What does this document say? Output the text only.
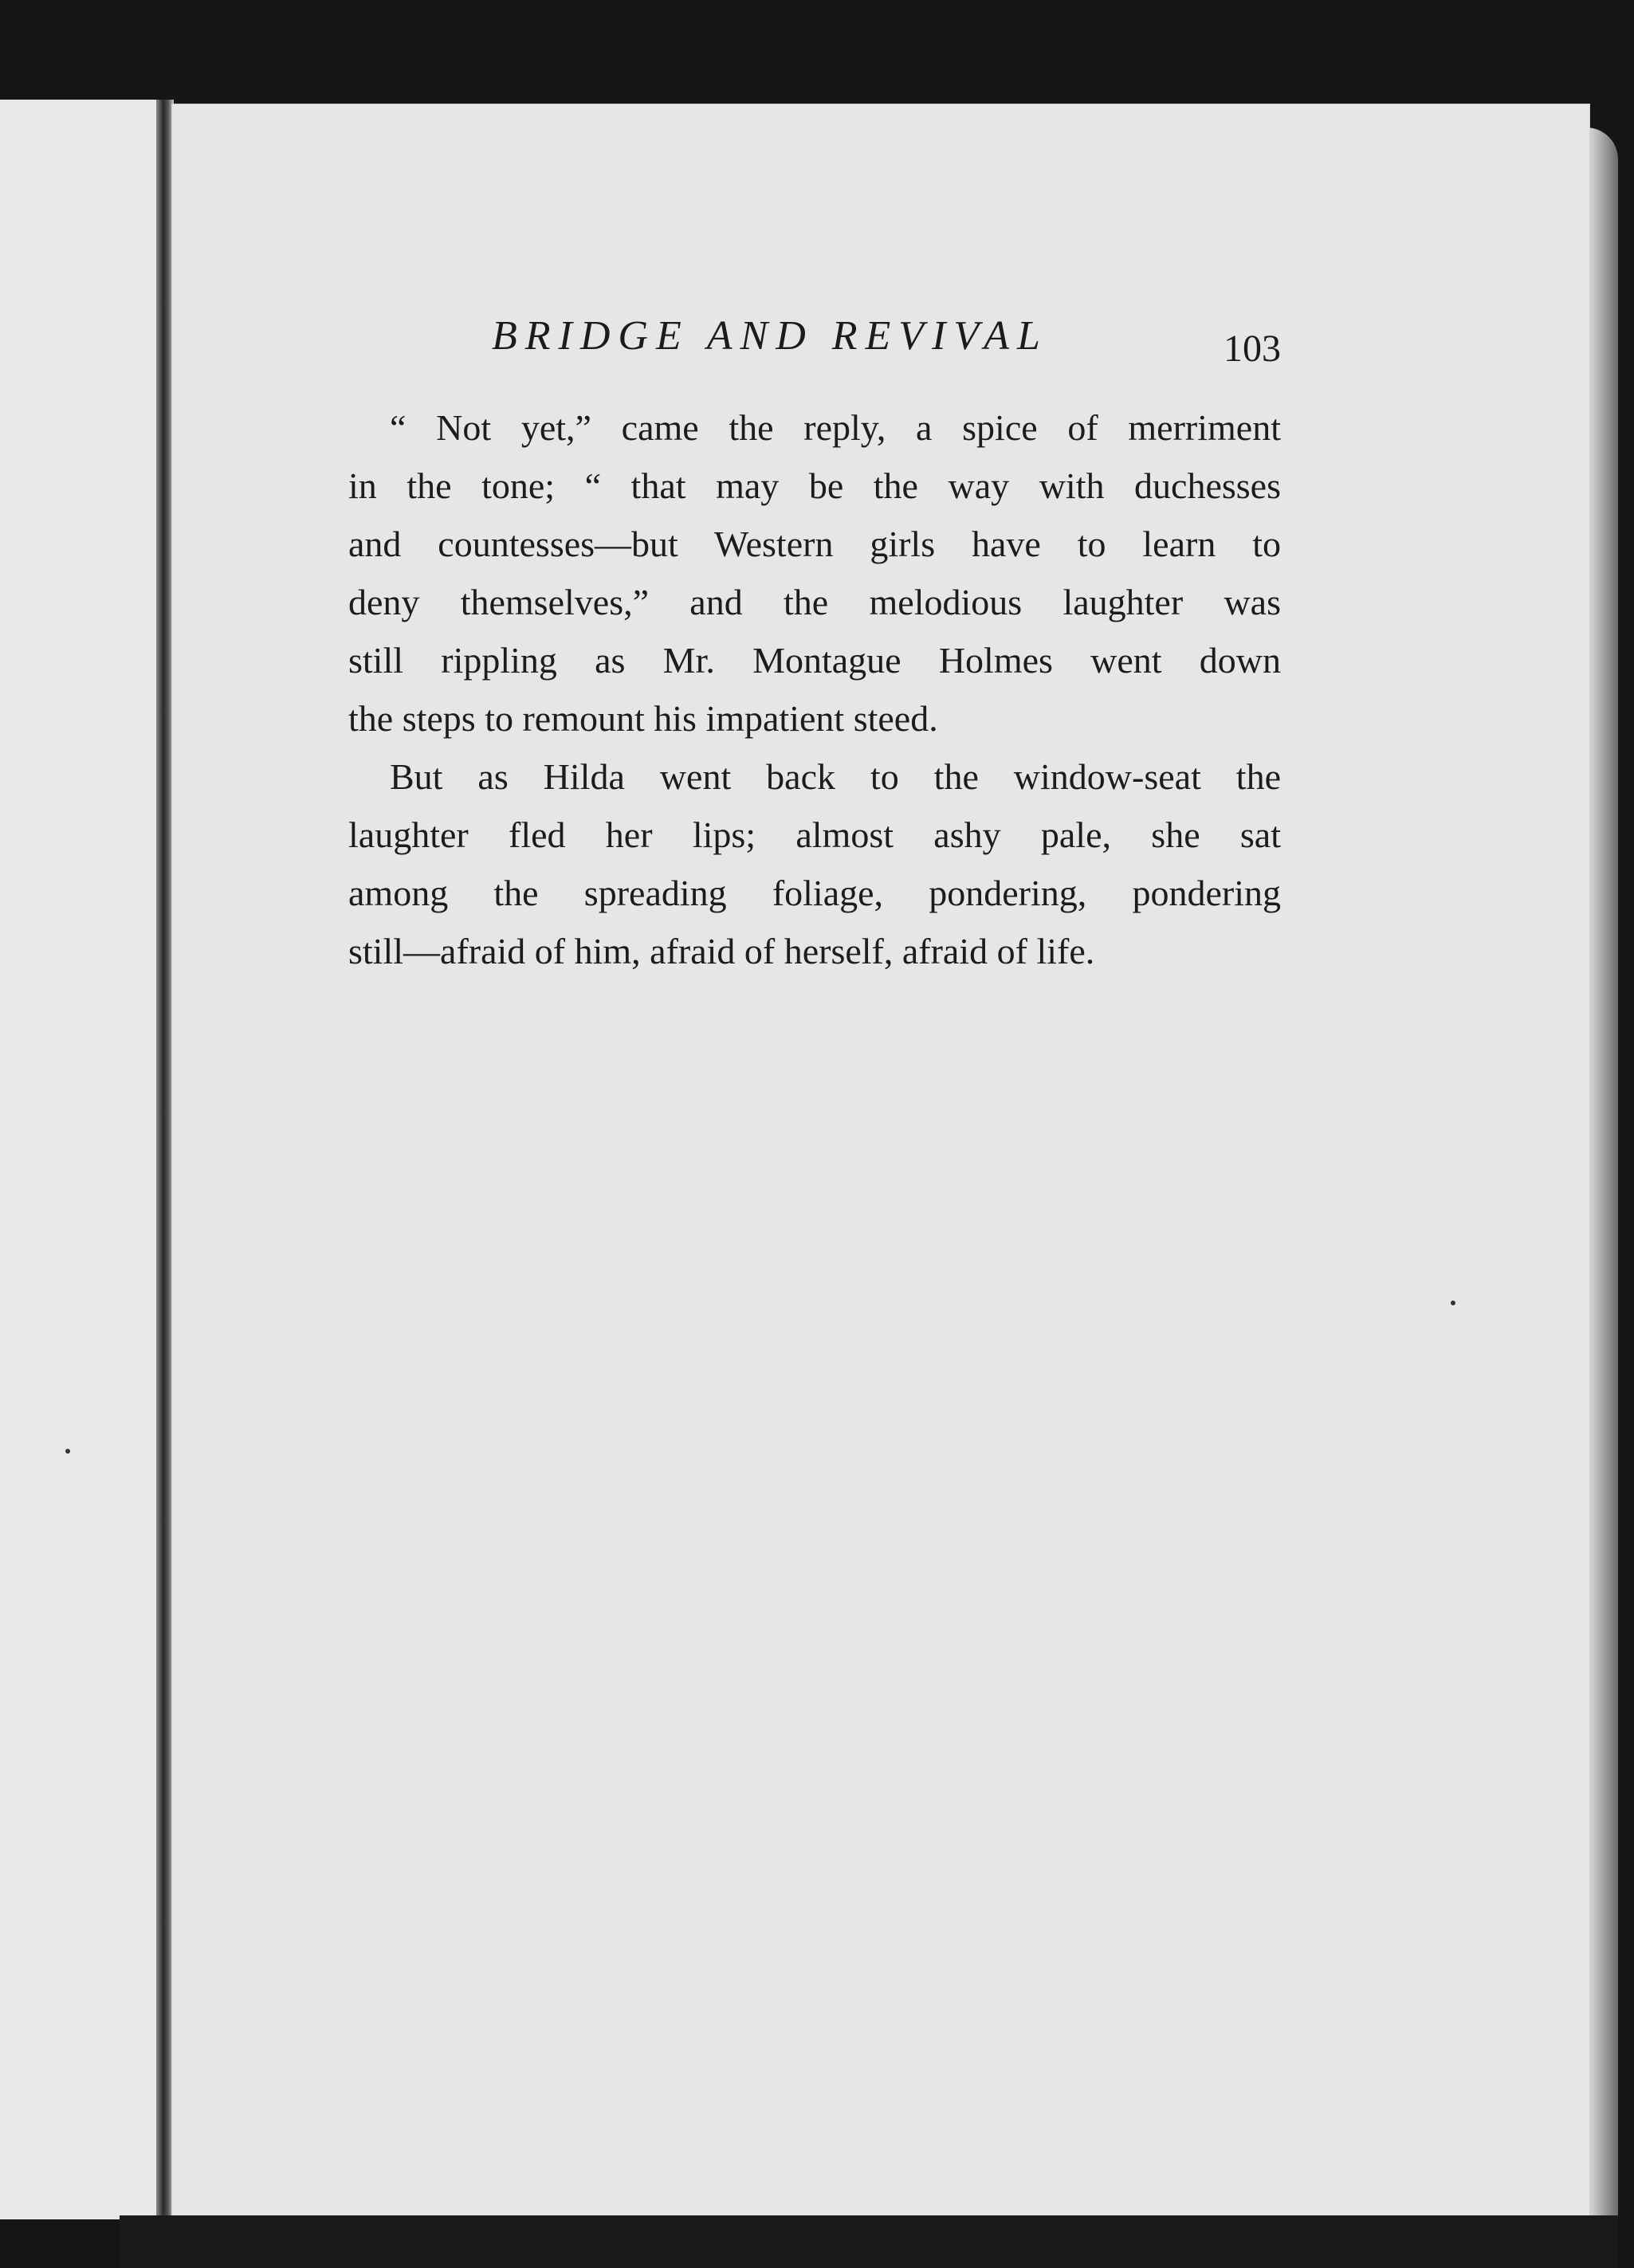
BRIDGE AND REVIVAL	103
“ Not yet,” came the reply, a spice of merriment
in the tone; “ that may be the way with duchesses
and countesses—but Western girls have to learn to
deny themselves,” and the melodious laughter was
still rippling as Mr. Montague Holmes went down
the steps to remount his impatient steed.
But as Hilda went back to the window-seat the
laughter fled her lips; almost ashy pale, she sat
among the spreading foliage, pondering, pondering
still—afraid of him, afraid of herself, afraid of life.
